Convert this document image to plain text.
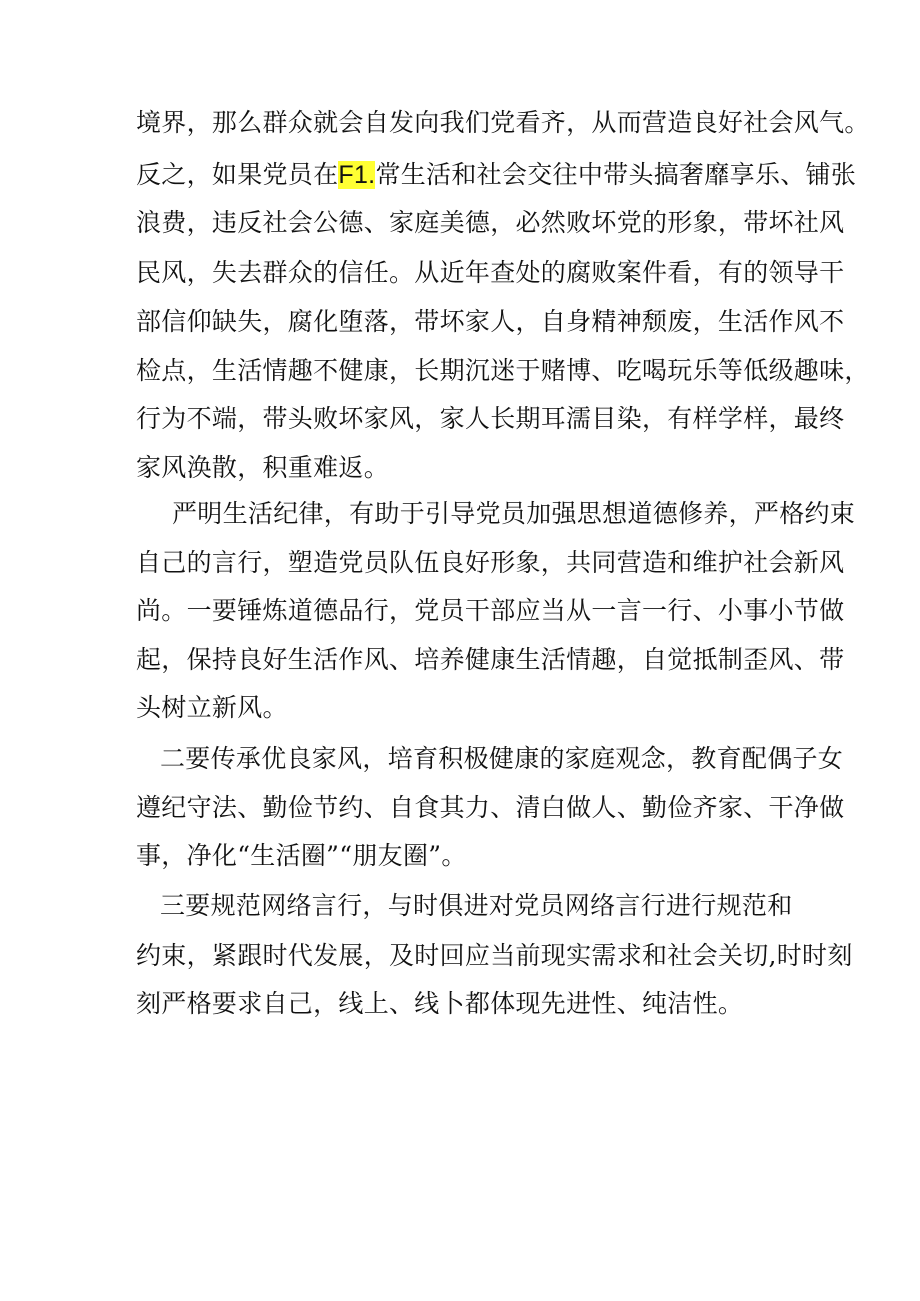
境界，那么群众就会自发向我们党看齐，从而营造良好社会风气。
反之，如果党员在F1.常生活和社会交往中带头搞奢靡享乐、铺张
浪费，违反社会公德、家庭美德，必然败坏党的形象，带坏社风
民风，失去群众的信任。从近年查处的腐败案件看，有的领导干
部信仰缺失，腐化堕落，带坏家人，自身精神颓废，生活作风不
检点，生活情趣不健康，长期沉迷于赌博、吃喝玩乐等低级趣味，
行为不端，带头败坏家风，家人长期耳濡目染，有样学样，最终
家风涣散，积重难返。
严明生活纪律，有助于引导党员加强思想道德修养，严格约束
自己的言行，塑造党员队伍良好形象，共同营造和维护社会新风
尚。一要锤炼道德品行，党员干部应当从一言一行、小事小节做
起，保持良好生活作风、培养健康生活情趣，自觉抵制歪风、带
头树立新风。
二要传承优良家风，培育积极健康的家庭观念，教育配偶子女
遵纪守法、勤俭节约、自食其力、清白做人、勤俭齐家、干净做
事，净化“生活圈”“朋友圈”。
三要规范网络言行，与时俱进对党员网络言行进行规范和
约束，紧跟时代发展，及时回应当前现实需求和社会关切,时时刻
刻严格要求自己，线上、线卜都体现先进性、纯洁性。
